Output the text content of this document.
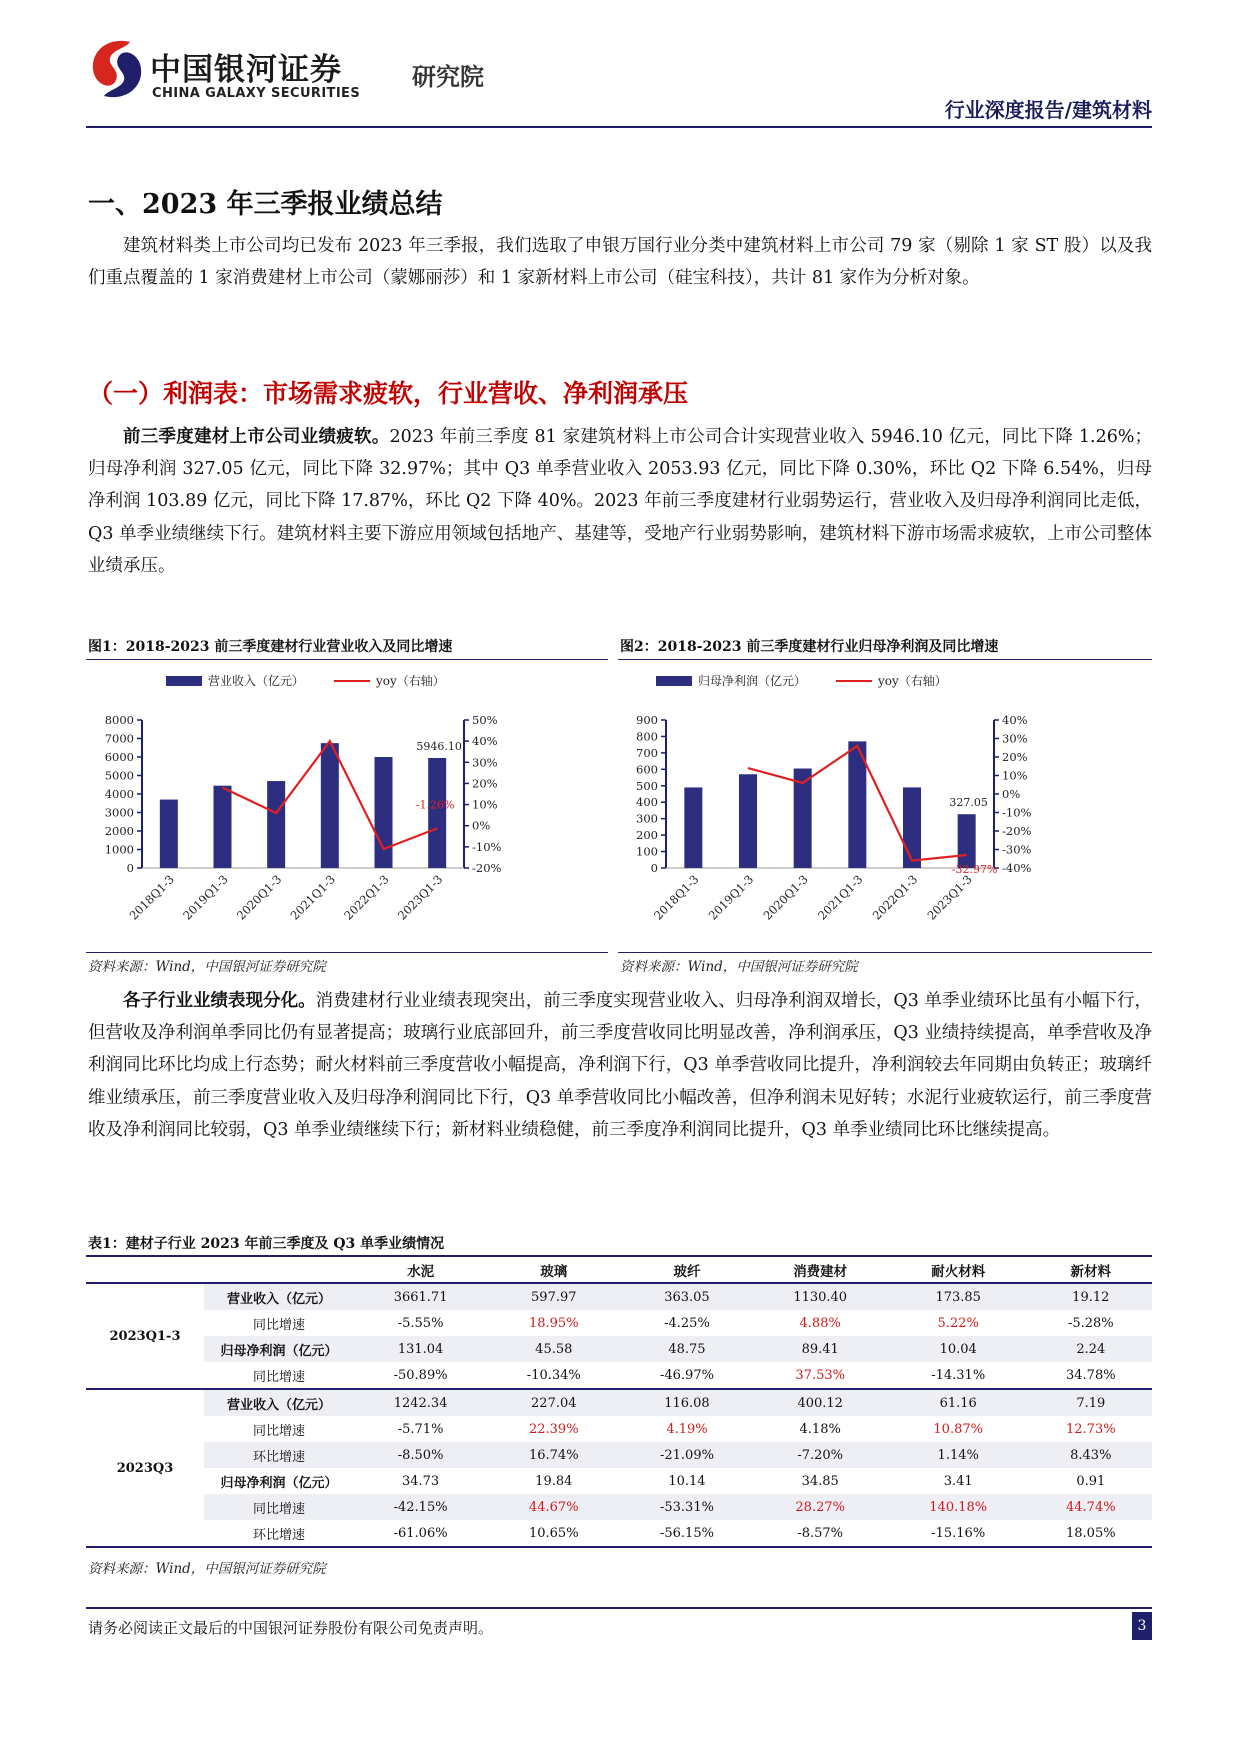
中国银河证券
CHINA GALAXY SECURITIES
研究院
行业深度报告/建筑材料
一、2023 年三季报业绩总结
建筑材料类上市公司均已发布 2023 年三季报，我们选取了申银万国行业分类中建筑材料上市公司 79 家（剔除 1 家 ST 股）以及我们重点覆盖的 1 家消费建材上市公司（蒙娜丽莎）和 1 家新材料上市公司（硅宝科技），共计 81 家作为分析对象。
（一）利润表：市场需求疲软，行业营收、净利润承压
前三季度建材上市公司业绩疲软。2023 年前三季度 81 家建筑材料上市公司合计实现营业收入 5946.10 亿元，同比下降 1.26%；归母净利润 327.05 亿元，同比下降 32.97%；其中 Q3 单季营业收入 2053.93 亿元，同比下降 0.30%，环比 Q2 下降 6.54%，归母净利润 103.89 亿元，同比下降 17.87%，环比 Q2 下降 40%。2023 年前三季度建材行业弱势运行，营业收入及归母净利润同比走低，Q3 单季业绩继续下行。建筑材料主要下游应用领域包括地产、基建等，受地产行业弱势影响，建筑材料下游市场需求疲软，上市公司整体业绩承压。
图1：2018-2023 前三季度建材行业营业收入及同比增速
营业收入（亿元）	yoy（右轴）
8000
7000
6000
5000
4000
3000
2000
1000
0
50%
40%
30%
20%
10%
0%
-10%
-20%
2018Q1-3 2019Q1-3 2020Q1-3 2021Q1-3 2022Q1-3 2023Q1-3
5946.10
-1.26%
资料来源：Wind，中国银河证券研究院
图2：2018-2023 前三季度建材行业归母净利润及同比增速
归母净利润（亿元）	yoy（右轴）
900
800
700
600
500
400
300
200
100
0
40%
30%
20%
10%
0%
-10%
-20%
-30%
-40%
2018Q1-3 2019Q1-3 2020Q1-3 2021Q1-3 2022Q1-3 2023Q1-3
327.05
-32.97%
资料来源：Wind，中国银河证券研究院
各子行业业绩表现分化。消费建材行业业绩表现突出，前三季度实现营业收入、归母净利润双增长，Q3 单季业绩环比虽有小幅下行，但营收及净利润单季同比仍有显著提高；玻璃行业底部回升，前三季度营收同比明显改善，净利润承压，Q3 业绩持续提高，单季营收及净利润同比环比均成上行态势；耐火材料前三季度营收小幅提高，净利润下行，Q3 单季营收同比提升，净利润较去年同期由负转正；玻璃纤维业绩承压，前三季度营业收入及归母净利润同比下行，Q3 单季营收同比小幅改善，但净利润未见好转；水泥行业疲软运行，前三季度营收及净利润同比较弱，Q3 单季业绩继续下行；新材料业绩稳健，前三季度净利润同比提升，Q3 单季业绩同比环比继续提高。
表1：建材子行业 2023 年前三季度及 Q3 单季业绩情况
		水泥	玻璃	玻纤	消费建材	耐火材料	新材料
2023Q1-3	营业收入（亿元）	3661.71	597.97	363.05	1130.40	173.85	19.12
	同比增速	-5.55%	18.95%	-4.25%	4.88%	5.22%	-5.28%
	归母净利润（亿元）	131.04	45.58	48.75	89.41	10.04	2.24
	同比增速	-50.89%	-10.34%	-46.97%	37.53%	-14.31%	34.78%
2023Q3	营业收入（亿元）	1242.34	227.04	116.08	400.12	61.16	7.19
	同比增速	-5.71%	22.39%	4.19%	4.18%	10.87%	12.73%
	环比增速	-8.50%	16.74%	-21.09%	-7.20%	1.14%	8.43%
	归母净利润（亿元）	34.73	19.84	10.14	34.85	3.41	0.91
	同比增速	-42.15%	44.67%	-53.31%	28.27%	140.18%	44.74%
	环比增速	-61.06%	10.65%	-56.15%	-8.57%	-15.16%	18.05%
资料来源：Wind，中国银河证券研究院
请务必阅读正文最后的中国银河证券股份有限公司免责声明。	3
